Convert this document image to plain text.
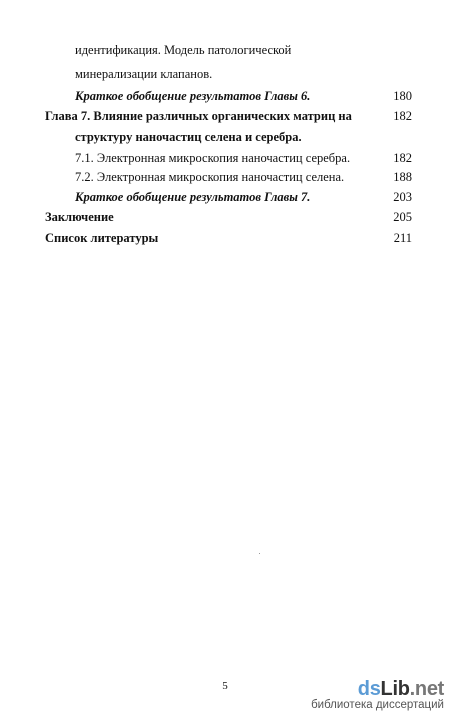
идентификация. Модель патологической
минерализации клапанов.
Краткое обобщение результатов Главы 6.	180
Глава 7. Влияние различных органических матриц на	182
структуру наночастиц селена и серебра.
7.1. Электронная микроскопия наночастиц серебра.	182
7.2. Электронная микроскопия наночастиц селена.	188
Краткое обобщение результатов Главы 7.	203
Заключение	205
Список литературы	211
5	dsLib.net
библиотека диссертаций
